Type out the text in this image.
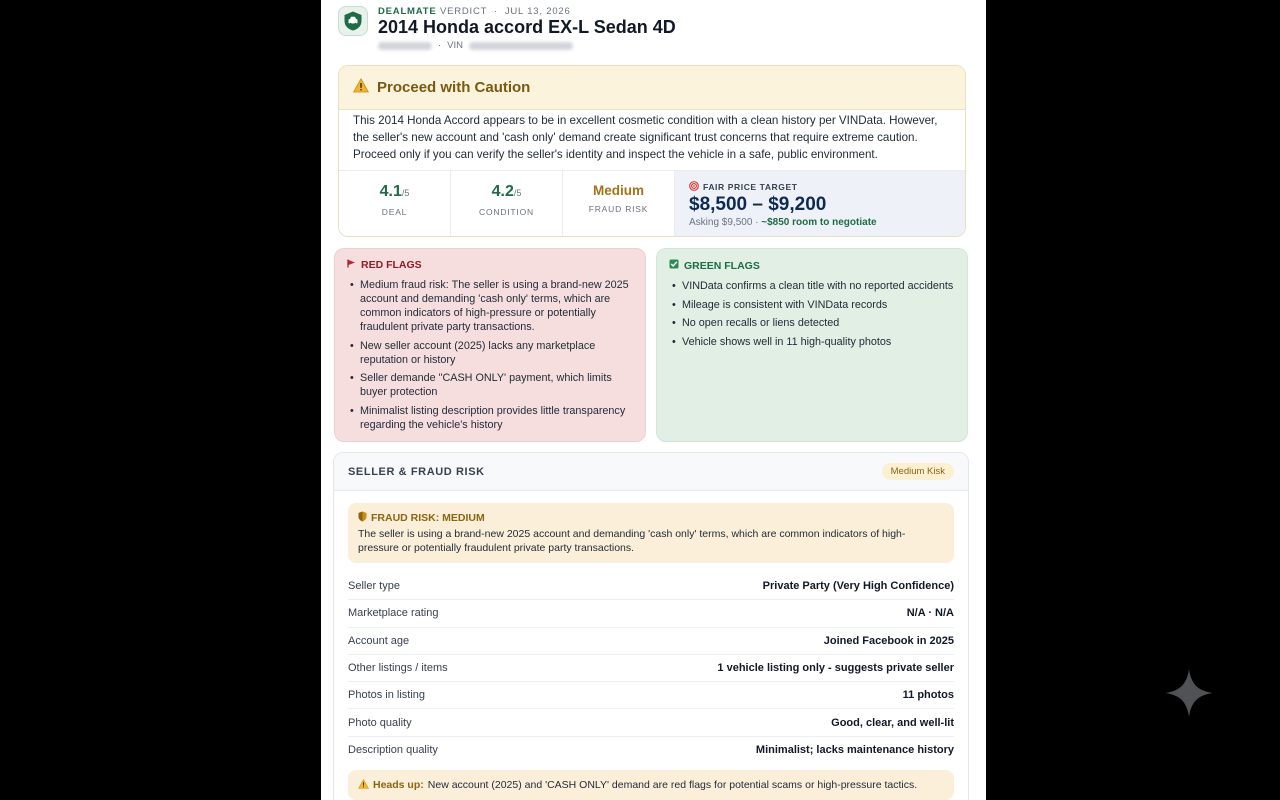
DEALMATE VERDICT  ·  JUL 13, 2026
2014 Honda accord EX-L Sedan 4D
· VIN
Proceed with Caution
This 2014 Honda Accord appears to be in excellent cosmetic condition with a clean history per VINData. However, the seller's new account and 'cash only' demand create significant trust concerns that require extreme caution. Proceed only if you can verify the seller's identity and inspect the vehicle in a safe, public environment.
4.1/5
DEAL
4.2/5
CONDITION
Medium
FRAUD RISK
FAIR PRICE TARGET
$8,500 – $9,200
Asking $9,500 · ~$850 room to negotiate
RED FLAGS
• Medium fraud risk: The seller is using a brand-new 2025 account and demanding 'cash only' terms, which are common indicators of high-pressure or potentially fraudulent private party transactions.
• New seller account (2025) lacks any marketplace reputation or history
• Seller demande "CASH ONLY' payment, which limits buyer protection
• Minimalist listing description provides little transparency regarding the vehicle's history
GREEN FLAGS
• VINData confirms a clean title with no reported accidents
• Mileage is consistent with VINData records
• No open recalls or liens detected
• Vehicle shows well in 11 high-quality photos
SELLER & FRAUD RISK	Medium Kisk
FRAUD RISK: MEDIUM
The seller is using a brand-new 2025 account and demanding 'cash only' terms, which are common indicators of high-pressure or potentially fraudulent private party transactions.
Seller type	Private Party (Very High Confidence)
Marketplace rating	N/A · N/A
Account age	Joined Facebook in 2025
Other listings / items	1 vehicle listing only - suggests private seller
Photos in listing	11 photos
Photo quality	Good, clear, and well-lit
Description quality	Minimalist; lacks maintenance history
Heads up: New account (2025) and 'CASH ONLY' demand are red flags for potential scams or high-pressure tactics.
